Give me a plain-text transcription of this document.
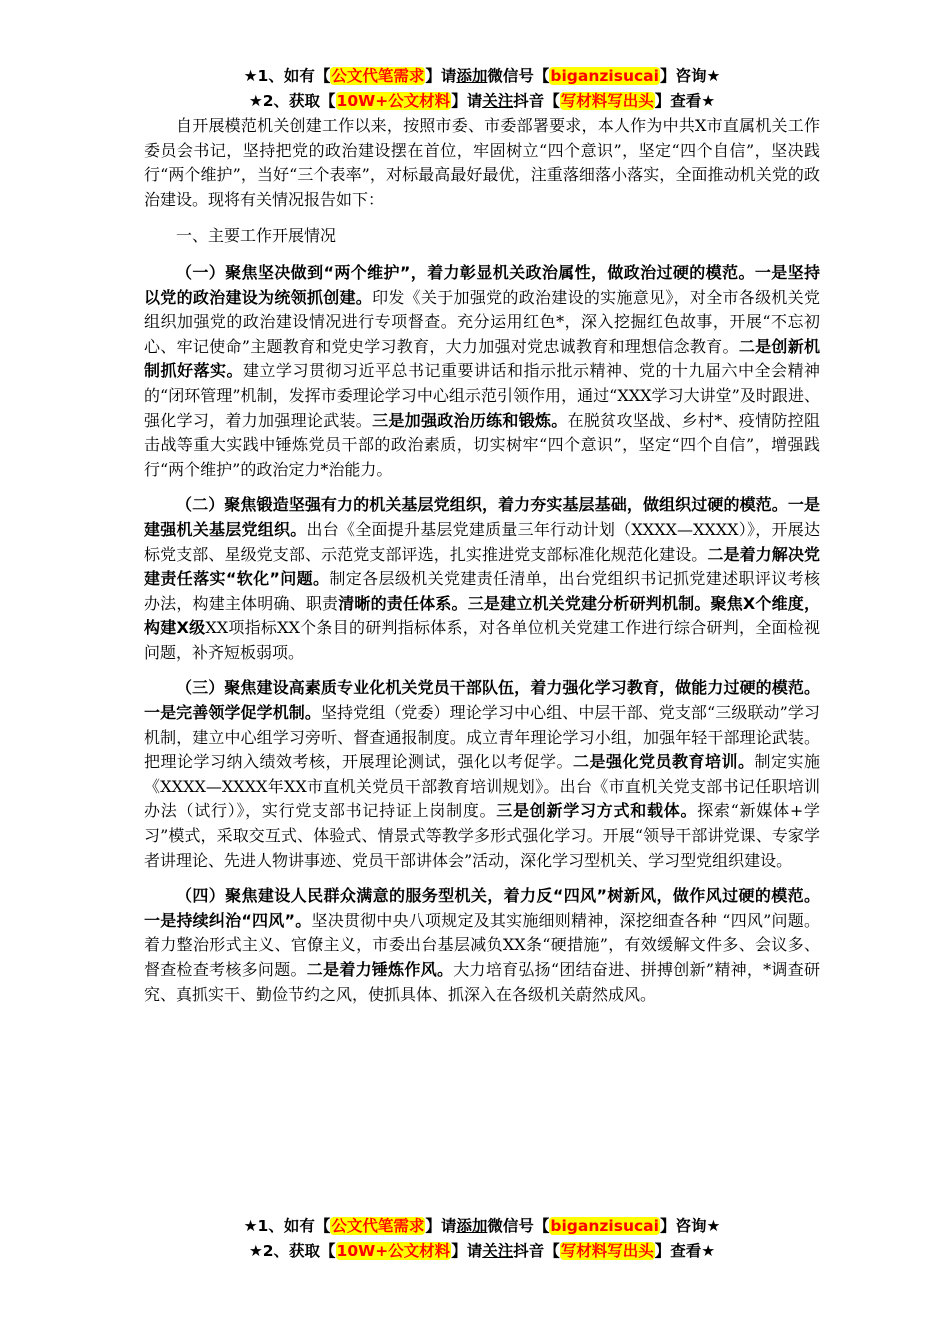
★1、如有【公文代笔需求】请添加微信号【biganzisucai】咨询★
★2、获取【10W+公文材料】请关注抖音【写材料写出头】查看★

自开展模范机关创建工作以来，按照市委、市委部署要求，本人作为中共X市直属机关工作委员会书记，坚持把党的政治建设摆在首位，牢固树立“四个意识”，坚定“四个自信”，坚决践行“两个维护”，当好“三个表率”，对标最高最好最优，注重落细落小落实，全面推动机关党的政治建设。现将有关情况报告如下：

一、主要工作开展情况

（一）聚焦坚决做到“两个维护”，着力彰显机关政治属性，做政治过硬的模范。一是坚持以党的政治建设为统领抓创建。印发《关于加强党的政治建设的实施意见》，对全市各级机关党组织加强党的政治建设情况进行专项督查。充分运用红色*，深入挖掘红色故事，开展“不忘初心、牢记使命”主题教育和党史学习教育，大力加强对党忠诚教育和理想信念教育。二是创新机制抓好落实。建立学习贯彻习近平总书记重要讲话和指示批示精神、党的十九届六中全会精神的“闭环管理”机制，发挥市委理论学习中心组示范引领作用，通过“XXX学习大讲堂”及时跟进、强化学习，着力加强理论武装。三是加强政治历练和锻炼。在脱贫攻坚战、乡村*、疫情防控阻击战等重大实践中锤炼党员干部的政治素质，切实树牢“四个意识”，坚定“四个自信”，增强践行“两个维护”的政治定力*治能力。

（二）聚焦锻造坚强有力的机关基层党组织，着力夯实基层基础，做组织过硬的模范。一是建强机关基层党组织。出台《全面提升基层党建质量三年行动计划（XXXX—XXXX）》，开展达标党支部、星级党支部、示范党支部评选，扎实推进党支部标准化规范化建设。二是着力解决党建责任落实“软化”问题。制定各层级机关党建责任清单，出台党组织书记抓党建述职评议考核办法，构建主体明确、职责清晰的责任体系。三是建立机关党建分析研判机制。聚焦X个维度，构建X级XX项指标XX个条目的研判指标体系，对各单位机关党建工作进行综合研判，全面检视问题，补齐短板弱项。

（三）聚焦建设高素质专业化机关党员干部队伍，着力强化学习教育，做能力过硬的模范。一是完善领学促学机制。坚持党组（党委）理论学习中心组、中层干部、党支部“三级联动”学习机制，建立中心组学习旁听、督查通报制度。成立青年理论学习小组，加强年轻干部理论武装。把理论学习纳入绩效考核，开展理论测试，强化以考促学。二是强化党员教育培训。制定实施《XXXX—XXXX年XX市直机关党员干部教育培训规划》。出台《市直机关党支部书记任职培训办法（试行）》，实行党支部书记持证上岗制度。三是创新学习方式和载体。探索“新媒体+学习”模式，采取交互式、体验式、情景式等教学多形式强化学习。开展“领导干部讲党课、专家学者讲理论、先进人物讲事迹、党员干部讲体会”活动，深化学习型机关、学习型党组织建设。

（四）聚焦建设人民群众满意的服务型机关，着力反“四风”树新风，做作风过硬的模范。一是持续纠治“四风”。坚决贯彻中央八项规定及其实施细则精神，深挖细查各种 “四风”问题。着力整治形式主义、官僚主义，市委出台基层减负XX条“硬措施”，有效缓解文件多、会议多、督查检查考核多问题。二是着力锤炼作风。大力培育弘扬“团结奋进、拼搏创新”精神，*调查研究、真抓实干、勤俭节约之风，使抓具体、抓深入在各级机关蔚然成风。

★1、如有【公文代笔需求】请添加微信号【biganzisucai】咨询★
★2、获取【10W+公文材料】请关注抖音【写材料写出头】查看★
